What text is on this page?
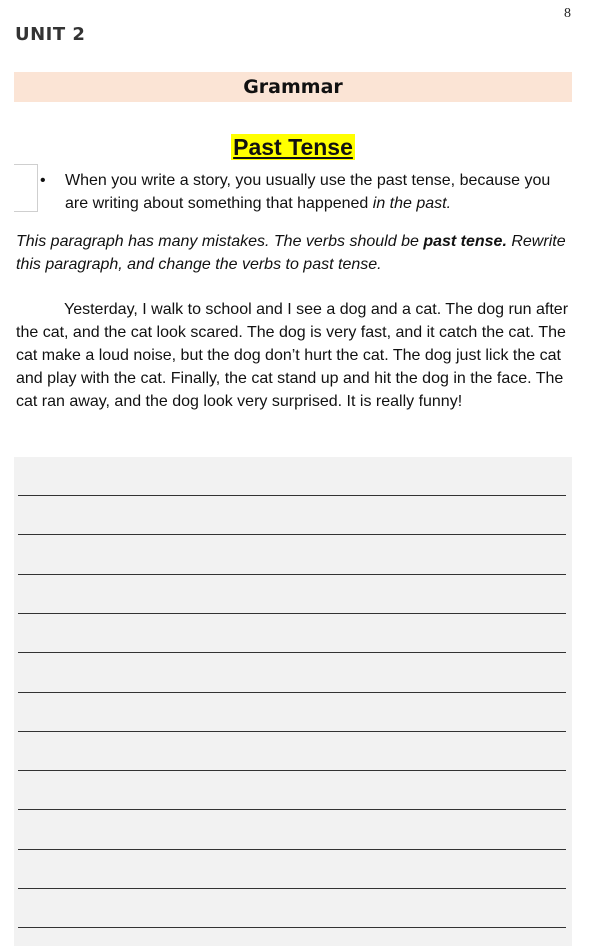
8
UNIT 2
Grammar
Past Tense
• When you write a story, you usually use the past tense, because you are writing about something that happened in the past.
This paragraph has many mistakes. The verbs should be past tense. Rewrite this paragraph, and change the verbs to past tense.
Yesterday, I walk to school and I see a dog and a cat. The dog run after the cat, and the cat look scared. The dog is very fast, and it catch the cat. The cat make a loud noise, but the dog don’t hurt the cat. The dog just lick the cat and play with the cat. Finally, the cat stand up and hit the dog in the face. The cat ran away, and the dog look very surprised. It is really funny!
